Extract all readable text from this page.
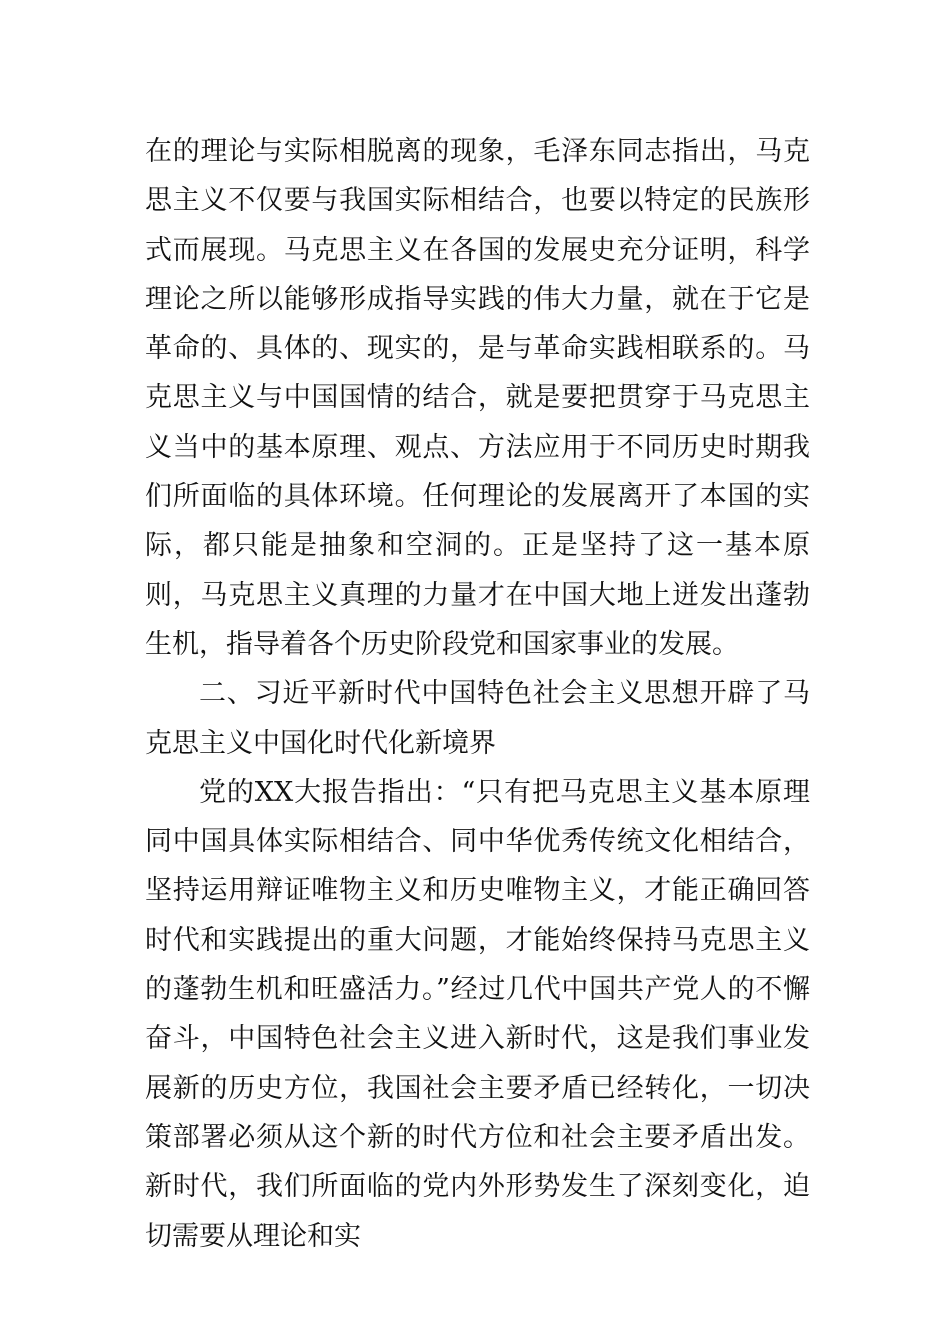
在的理论与实际相脱离的现象，毛泽东同志指出，马克思主义不仅要与我国实际相结合，也要以特定的民族形式而展现。马克思主义在各国的发展史充分证明，科学理论之所以能够形成指导实践的伟大力量，就在于它是革命的、具体的、现实的，是与革命实践相联系的。马克思主义与中国国情的结合，就是要把贯穿于马克思主义当中的基本原理、观点、方法应用于不同历史时期我们所面临的具体环境。任何理论的发展离开了本国的实际，都只能是抽象和空洞的。正是坚持了这一基本原则，马克思主义真理的力量才在中国大地上迸发出蓬勃生机，指导着各个历史阶段党和国家事业的发展。

二、习近平新时代中国特色社会主义思想开辟了马克思主义中国化时代化新境界

党的XX大报告指出：“只有把马克思主义基本原理同中国具体实际相结合、同中华优秀传统文化相结合，坚持运用辩证唯物主义和历史唯物主义，才能正确回答时代和实践提出的重大问题，才能始终保持马克思主义的蓬勃生机和旺盛活力。”经过几代中国共产党人的不懈奋斗，中国特色社会主义进入新时代，这是我们事业发展新的历史方位，我国社会主要矛盾已经转化，一切决策部署必须从这个新的时代方位和社会主要矛盾出发。新时代，我们所面临的党内外形势发生了深刻变化，迫切需要从理论和实
